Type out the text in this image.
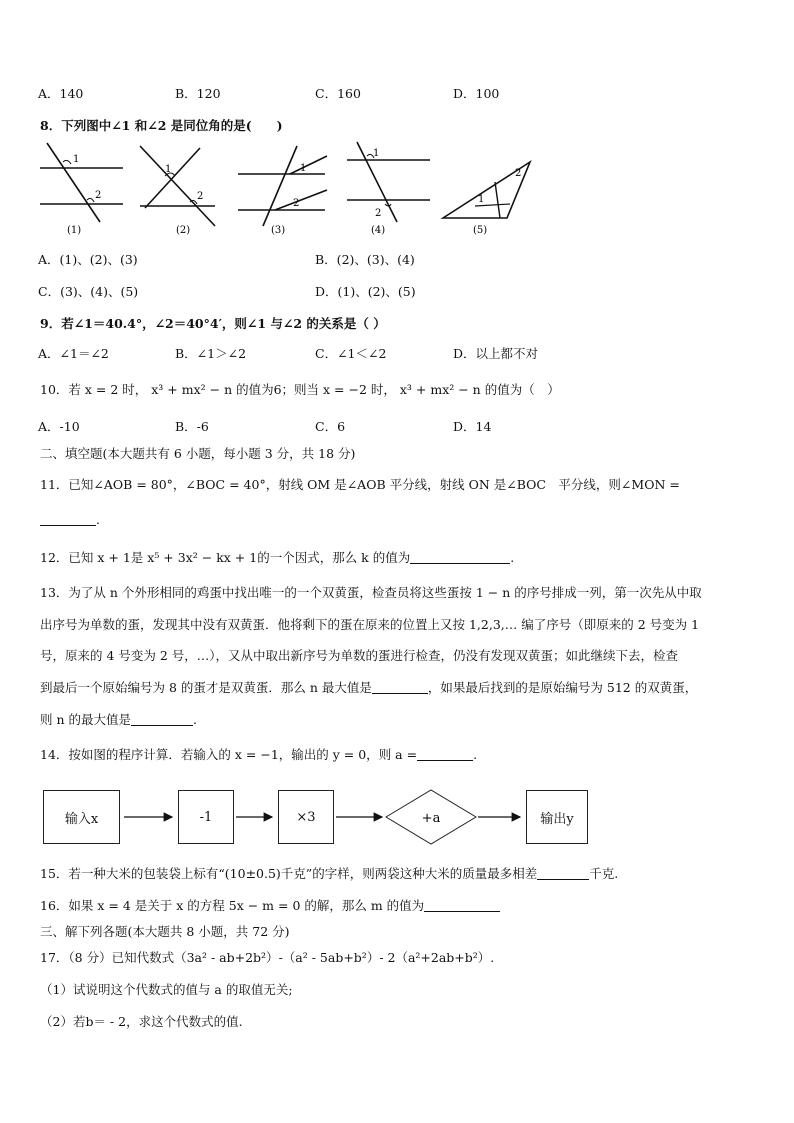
A．140	B．120	C．160	D．100
8．下列图中∠1 和∠2 是同位角的是(　　)
1
2
(1)
1
2
(2)
1
2
(3)
1
2
(4)
1
2
(5)
A．(1)、(2)、(3)	B．(2)、(3)、(4)
C．(3)、(4)、(5)	D．(1)、(2)、(5)
9．若∠1＝40.4°，∠2＝40°4′，则∠1 与∠2 的关系是（ ）
A．∠1＝∠2	B．∠1＞∠2	C．∠1＜∠2	D．以上都不对
10．若 x = 2 时， x³ + mx² − n 的值为6；则当 x = −2 时， x³ + mx² − n 的值为（　）
A．-10	B．-6	C．6	D．14
二、填空题(本大题共有 6 小题，每小题 3 分，共 18 分)
11．已知∠AOB = 80°，∠BOC = 40°，射线 OM 是∠AOB 平分线，射线 ON 是∠BOC　平分线，则∠MON =
.
12．已知 x + 1是 x⁵ + 3x² − kx + 1的一个因式，那么 k 的值为	.
13．为了从 n 个外形相同的鸡蛋中找出唯一的一个双黄蛋，检查员将这些蛋按 1 − n 的序号排成一列，第一次先从中取
出序号为单数的蛋，发现其中没有双黄蛋．他将剩下的蛋在原来的位置上又按 1,2,3,… 编了序号（即原来的 2 号变为 1
号，原来的 4 号变为 2 号，…），又从中取出新序号为单数的蛋进行检查，仍没有发现双黄蛋；如此继续下去，检查
到最后一个原始编号为 8 的蛋才是双黄蛋．那么 n 最大值是	，如果最后找到的是原始编号为 512 的双黄蛋，
则 n 的最大值是	.
14．按如图的程序计算．若输入的 x = −1，输出的 y = 0，则 a =	.
输入x	-1	×3	输出y
+a
15．若一种大米的包装袋上标有“(10±0.5)千克”的字样，则两袋这种大米的质量最多相差	千克.
16．如果 x = 4 是关于 x 的方程 5x − m = 0 的解，那么 m 的值为
三、解下列各题(本大题共 8 小题，共 72 分)
17．（8 分）已知代数式（3a² - ab+2b²）-（a² - 5ab+b²）- 2（a²+2ab+b²）.
（1）试说明这个代数式的值与 a 的取值无关;
（2）若b＝ - 2，求这个代数式的值.
